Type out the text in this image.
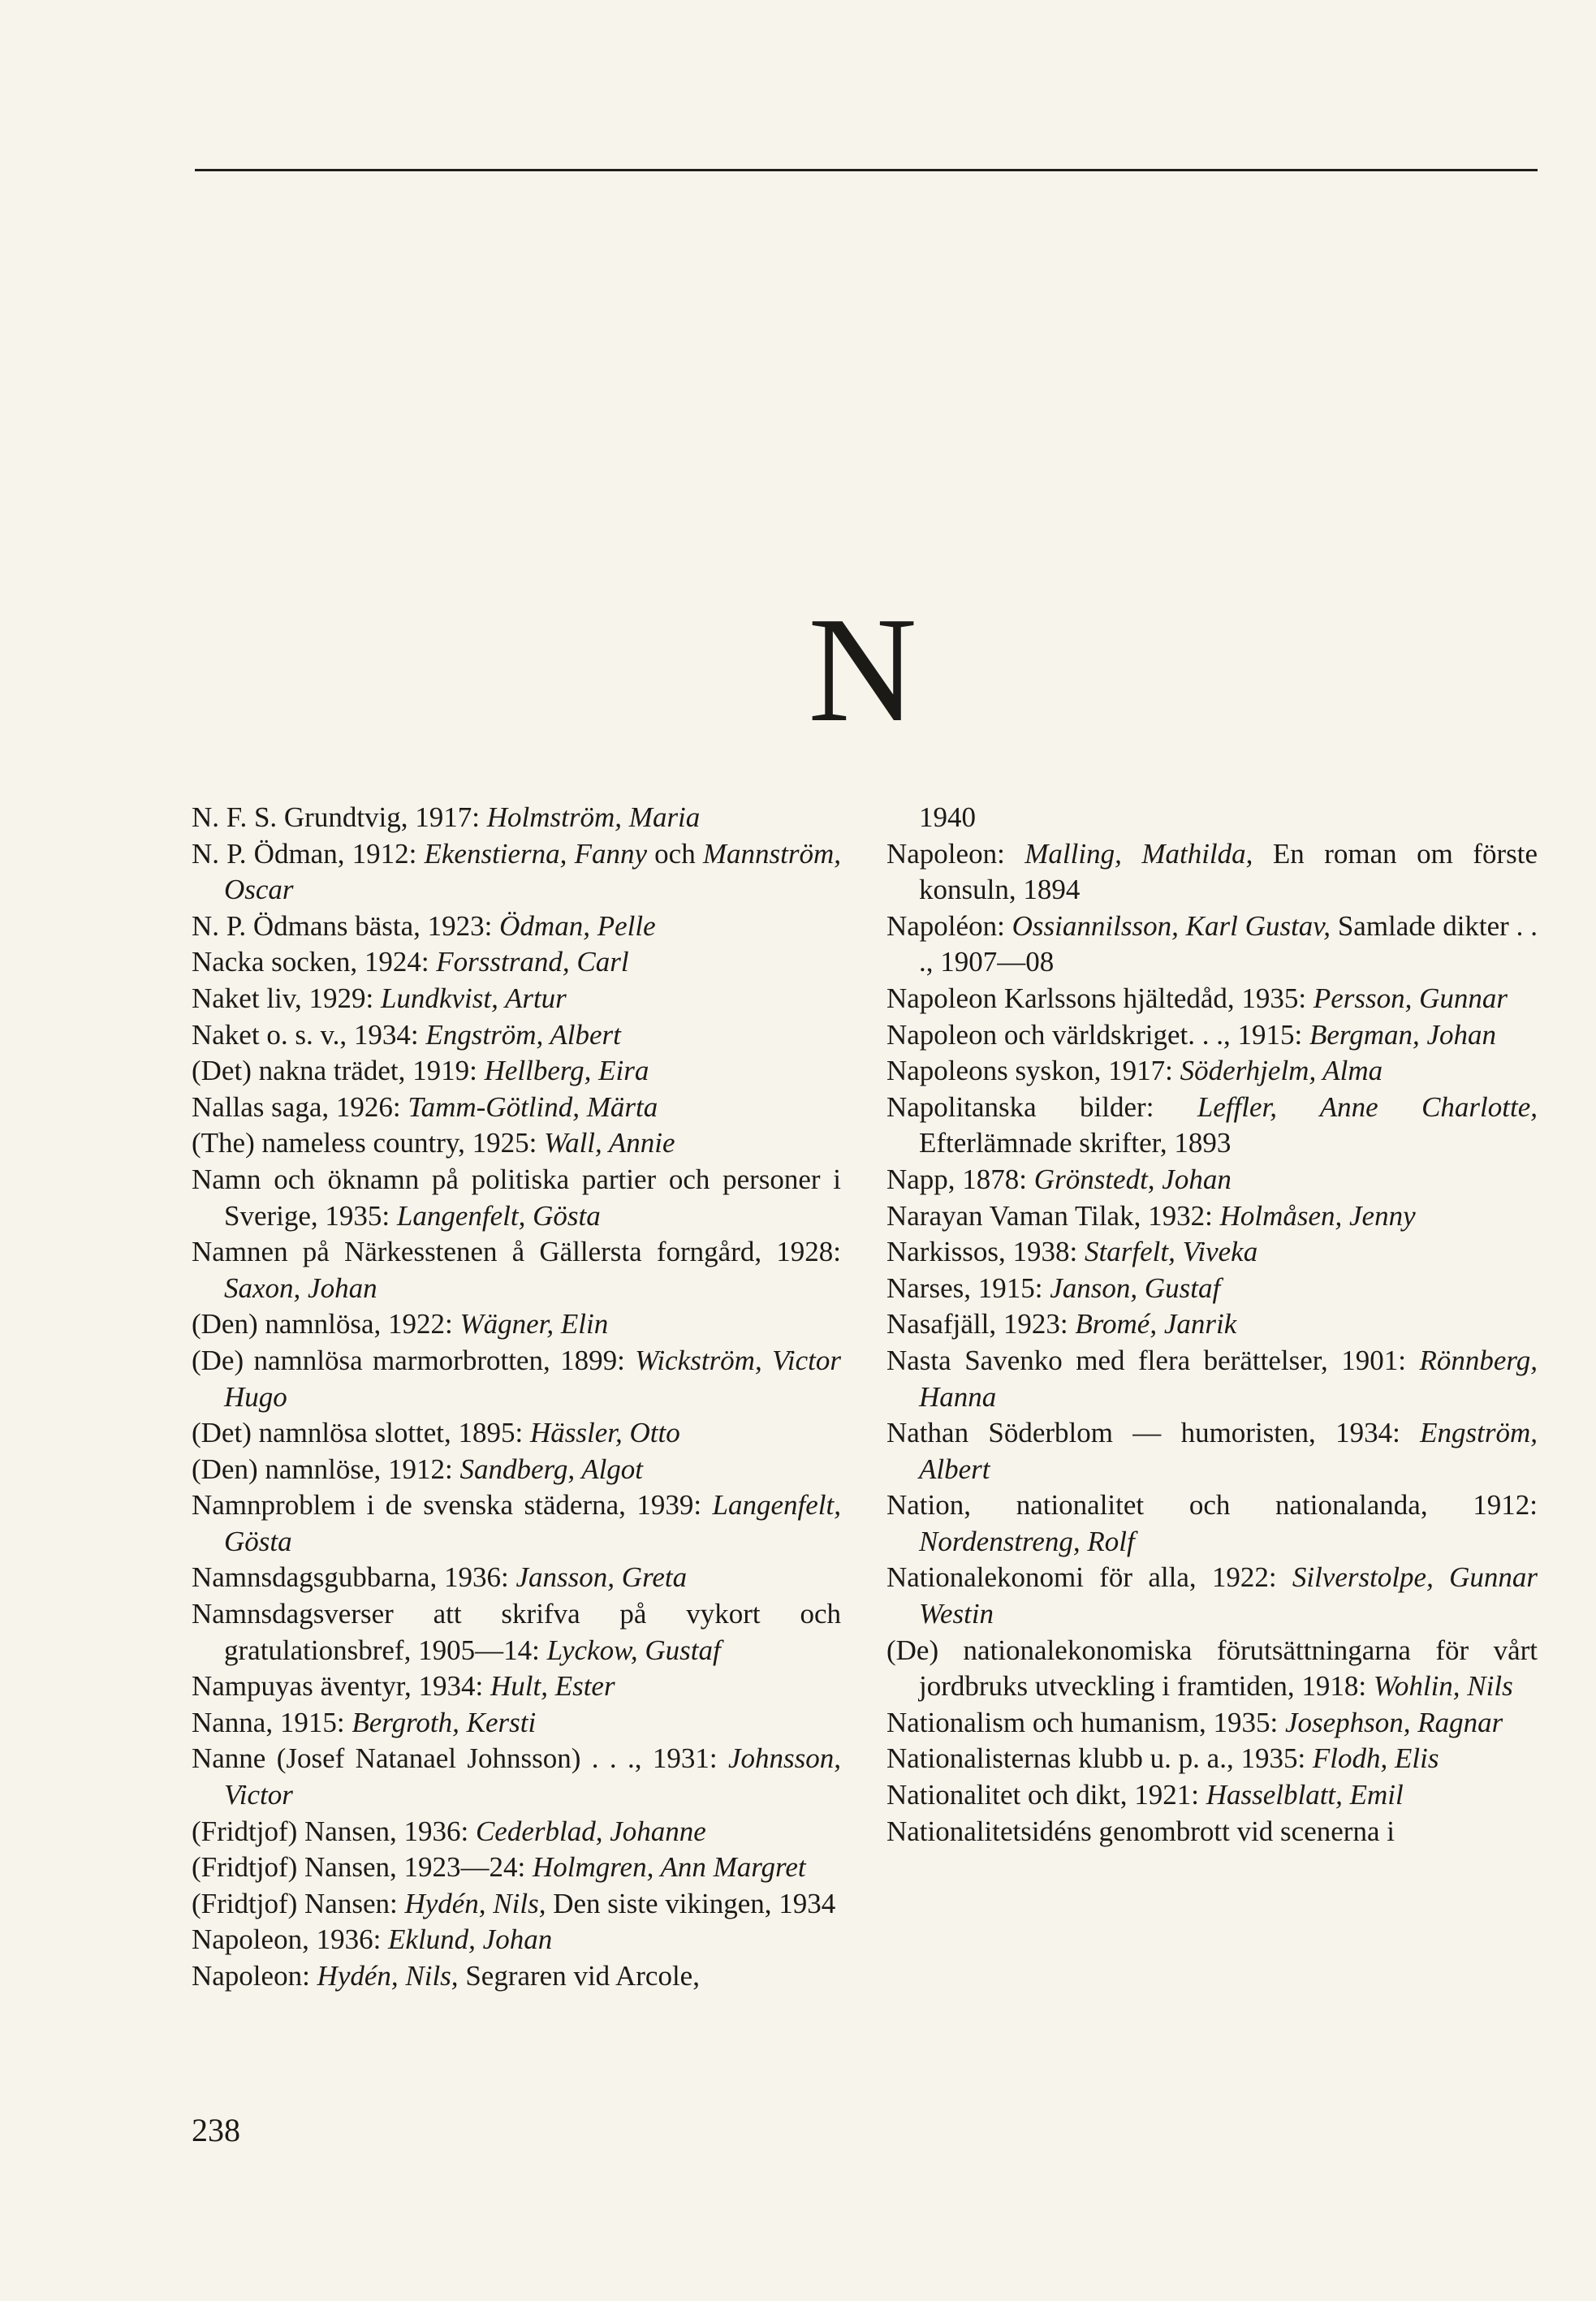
N
N. F. S. Grundtvig, 1917: Holmström, Maria
N. P. Ödman, 1912: Ekenstierna, Fanny och Mannström, Oscar
N. P. Ödmans bästa, 1923: Ödman, Pelle
Nacka socken, 1924: Forsstrand, Carl
Naket liv, 1929: Lundkvist, Artur
Naket o. s. v., 1934: Engström, Albert
(Det) nakna trädet, 1919: Hellberg, Eira
Nallas saga, 1926: Tamm-Götlind, Märta
(The) nameless country, 1925: Wall, Annie
Namn och öknamn på politiska partier och personer i Sverige, 1935: Langenfelt, Gösta
Namnen på Närkesstenen å Gällersta forngård, 1928: Saxon, Johan
(Den) namnlösa, 1922: Wägner, Elin
(De) namnlösa marmorbrotten, 1899: Wickström, Victor Hugo
(Det) namnlösa slottet, 1895: Hässler, Otto
(Den) namnlöse, 1912: Sandberg, Algot
Namnproblem i de svenska städerna, 1939: Langenfelt, Gösta
Namnsdagsgubbarna, 1936: Jansson, Greta
Namnsdagsverser att skrifva på vykort och gratulationsbref, 1905—14: Lyckow, Gustaf
Nampuyas äventyr, 1934: Hult, Ester
Nanna, 1915: Bergroth, Kersti
Nanne (Josef Natanael Johnsson) . . ., 1931: Johnsson, Victor
(Fridtjof) Nansen, 1936: Cederblad, Johanne
(Fridtjof) Nansen, 1923—24: Holmgren, Ann Margret
(Fridtjof) Nansen: Hydén, Nils, Den siste vikingen, 1934
Napoleon, 1936: Eklund, Johan
Napoleon: Hydén, Nils, Segraren vid Arcole,
1940
Napoleon: Malling, Mathilda, En roman om förste konsuln, 1894
Napoléon: Ossiannilsson, Karl Gustav, Samlade dikter . . ., 1907—08
Napoleon Karlssons hjältedåd, 1935: Persson, Gunnar
Napoleon och världskriget. . ., 1915: Bergman, Johan
Napoleons syskon, 1917: Söderhjelm, Alma
Napolitanska bilder: Leffler, Anne Charlotte, Efterlämnade skrifter, 1893
Napp, 1878: Grönstedt, Johan
Narayan Vaman Tilak, 1932: Holmåsen, Jenny
Narkissos, 1938: Starfelt, Viveka
Narses, 1915: Janson, Gustaf
Nasafjäll, 1923: Bromé, Janrik
Nasta Savenko med flera berättelser, 1901: Rönnberg, Hanna
Nathan Söderblom — humoristen, 1934: Engström, Albert
Nation, nationalitet och nationalanda, 1912: Nordenstreng, Rolf
Nationalekonomi för alla, 1922: Silverstolpe, Gunnar Westin
(De) nationalekonomiska förutsättningarna för vårt jordbruks utveckling i framtiden, 1918: Wohlin, Nils
Nationalism och humanism, 1935: Josephson, Ragnar
Nationalisternas klubb u. p. a., 1935: Flodh, Elis
Nationalitet och dikt, 1921: Hasselblatt, Emil
Nationalitetsidéns genombrott vid scenerna i
238
